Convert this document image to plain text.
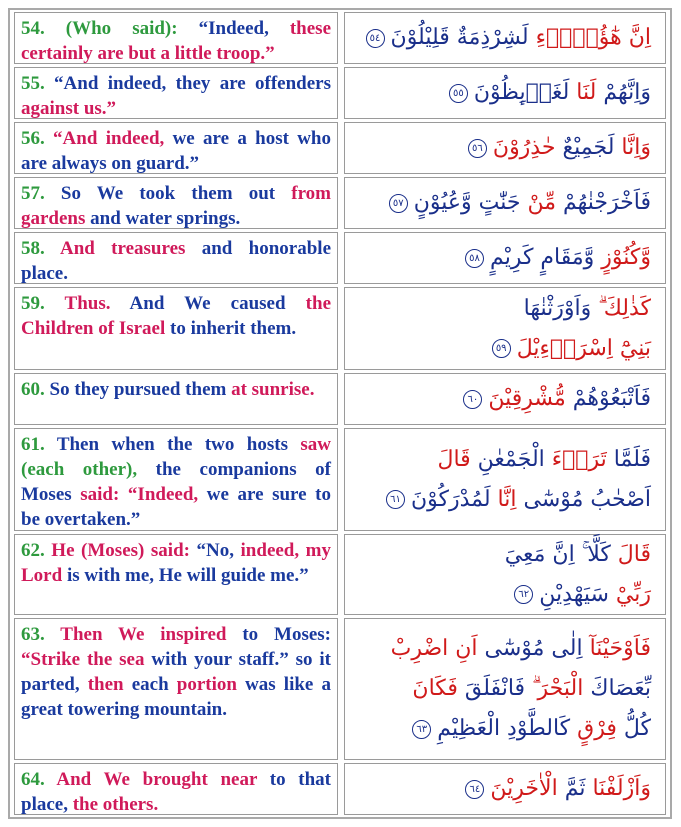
54. (Who said): “Indeed, these certainly are but a little troop.”

اِنَّ هٰٓؤُلَاۤءِ لَشِرْذِمَةٌ قَلِيْلُوْنَ٥٤

55. “And indeed, they are offenders against us.”

وَاِنَّهُمْ لَنَا لَغَاۤىِٕظُوْنَ٥٥

56. “And indeed, we are a host who are always on guard.”

وَاِنَّا لَجَمِيْعٌ حٰذِرُوْنَ٥٦

57. So We took them out from gardens and water springs.

فَاَخْرَجْنٰهُمْ مِّنْ جَنّٰتٍ وَّعُيُوْنٍ٥٧

58. And treasures and honorable place.

وَّكُنُوْزٍ وَّمَقَامٍ كَرِيْمٍ٥٨

59. Thus. And We caused the Children of Israel to inherit them.

كَذٰلِكَ ۗ وَاَوْرَثْنٰهَا

بَنِيْٓ اِسْرَاۤءِيْلَ٥٩

60. So they pursued them at sunrise.	فَاَتْبَعُوْهُمْ مُّشْرِقِيْنَ٦٠

61. Then when the two hosts saw (each other), the companions of Moses said: “Indeed, we are sure to be overtaken.”

فَلَمَّا تَرَاۤءَ الْجَمْعٰنِ قَالَ

اَصْحٰبُ مُوْسٰٓى اِنَّا لَمُدْرَكُوْنَ٦١

62. He (Moses) said: “No, indeed, my Lord is with me, He will guide me.”

قَالَ كَلَّا ۚ اِنَّ مَعِيَ

رَبِّيْ سَيَهْدِيْنِ٦٢

63. Then We inspired to Moses: “Strike the sea with your staff.” so it parted, then each portion was like a great towering mountain.

فَاَوْحَيْنَآ اِلٰى مُوْسٰٓى اَنِ اضْرِبْ

بِّعَصَاكَ الْبَحْرَ ۗ فَانْفَلَقَ فَكَانَ

كُلُّ فِرْقٍ كَالطَّوْدِ الْعَظِيْمِ٦٣

64. And We brought near to that place, the others.

وَاَزْلَفْنَا ثَمَّ الْاٰخَرِيْنَ٦٤
